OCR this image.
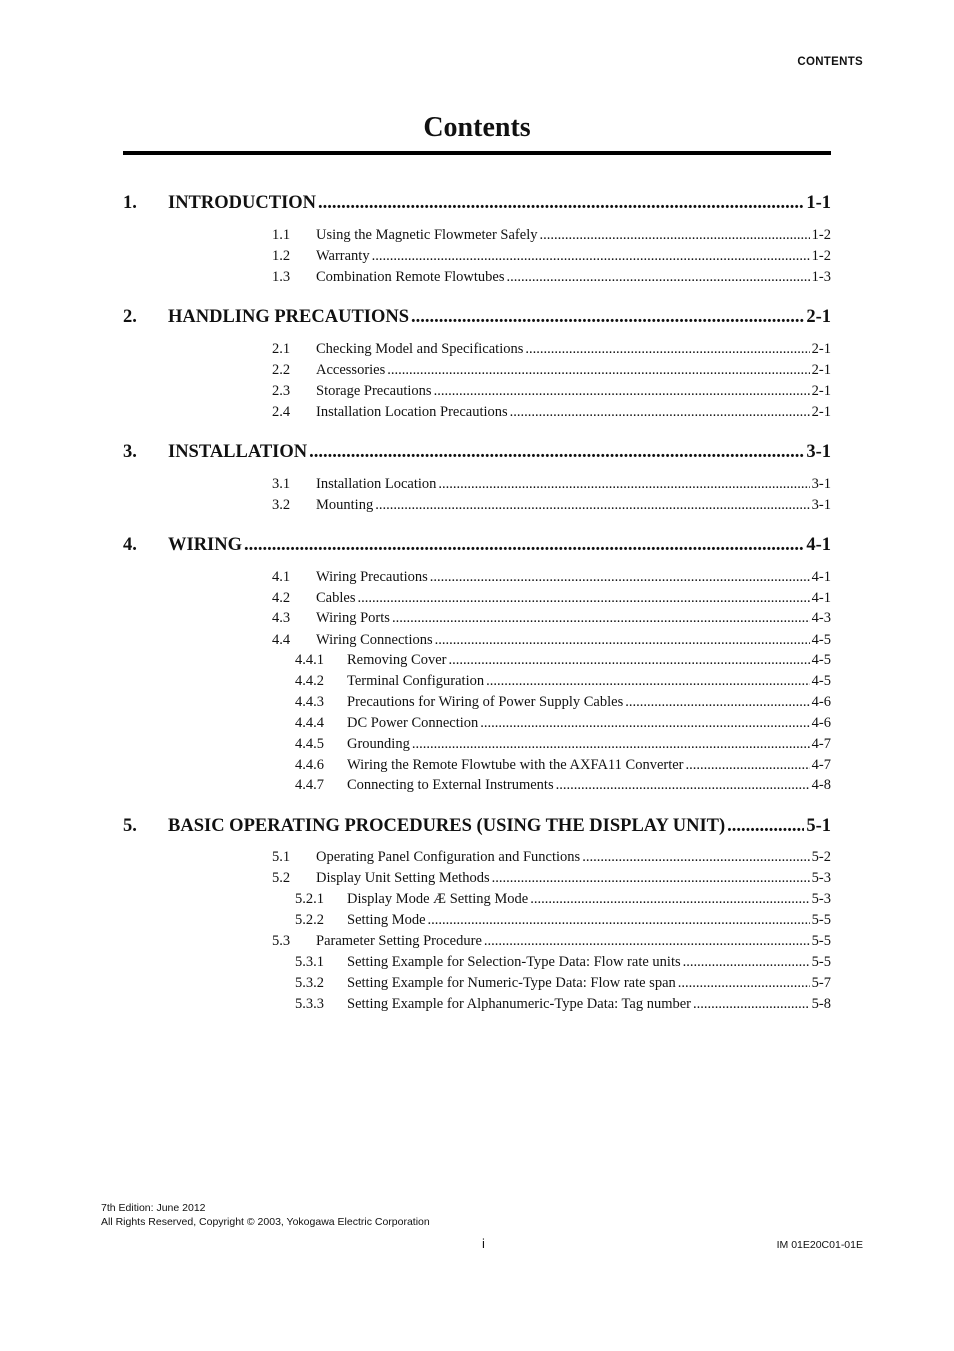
CONTENTS
Contents
1.	INTRODUCTION .....	1-1
1.1	Using the Magnetic Flowmeter Safely .....	1-2
1.2	Warranty .....	1-2
1.3	Combination Remote Flowtubes .....	1-3
2.	HANDLING PRECAUTIONS .....	2-1
2.1	Checking Model and Specifications .....	2-1
2.2	Accessories .....	2-1
2.3	Storage Precautions .....	2-1
2.4	Installation Location Precautions .....	2-1
3.	INSTALLATION .....	3-1
3.1	Installation Location .....	3-1
3.2	Mounting .....	3-1
4.	WIRING .....	4-1
4.1	Wiring Precautions .....	4-1
4.2	Cables .....	4-1
4.3	Wiring Ports .....	4-3
4.4	Wiring Connections .....	4-5
4.4.1	Removing Cover .....	4-5
4.4.2	Terminal Configuration .....	4-5
4.4.3	Precautions for Wiring of Power Supply Cables .....	4-6
4.4.4	DC Power Connection .....	4-6
4.4.5	Grounding .....	4-7
4.4.6	Wiring the Remote Flowtube with the AXFA11 Converter .....	4-7
4.4.7	Connecting to External Instruments .....	4-8
5.	BASIC OPERATING PROCEDURES (USING THE DISPLAY UNIT) .....	5-1
5.1	Operating Panel Configuration and Functions .....	5-2
5.2	Display Unit Setting Methods .....	5-3
5.2.1	Display Mode Æ Setting Mode .....	5-3
5.2.2	Setting Mode .....	5-5
5.3	Parameter Setting Procedure .....	5-5
5.3.1	Setting Example for Selection-Type Data: Flow rate units .....	5-5
5.3.2	Setting Example for Numeric-Type Data: Flow rate span .....	5-7
5.3.3	Setting Example for Alphanumeric-Type Data: Tag number .....	5-8
7th Edition: June 2012
All Rights Reserved, Copyright © 2003, Yokogawa Electric Corporation
i	IM 01E20C01-01E
